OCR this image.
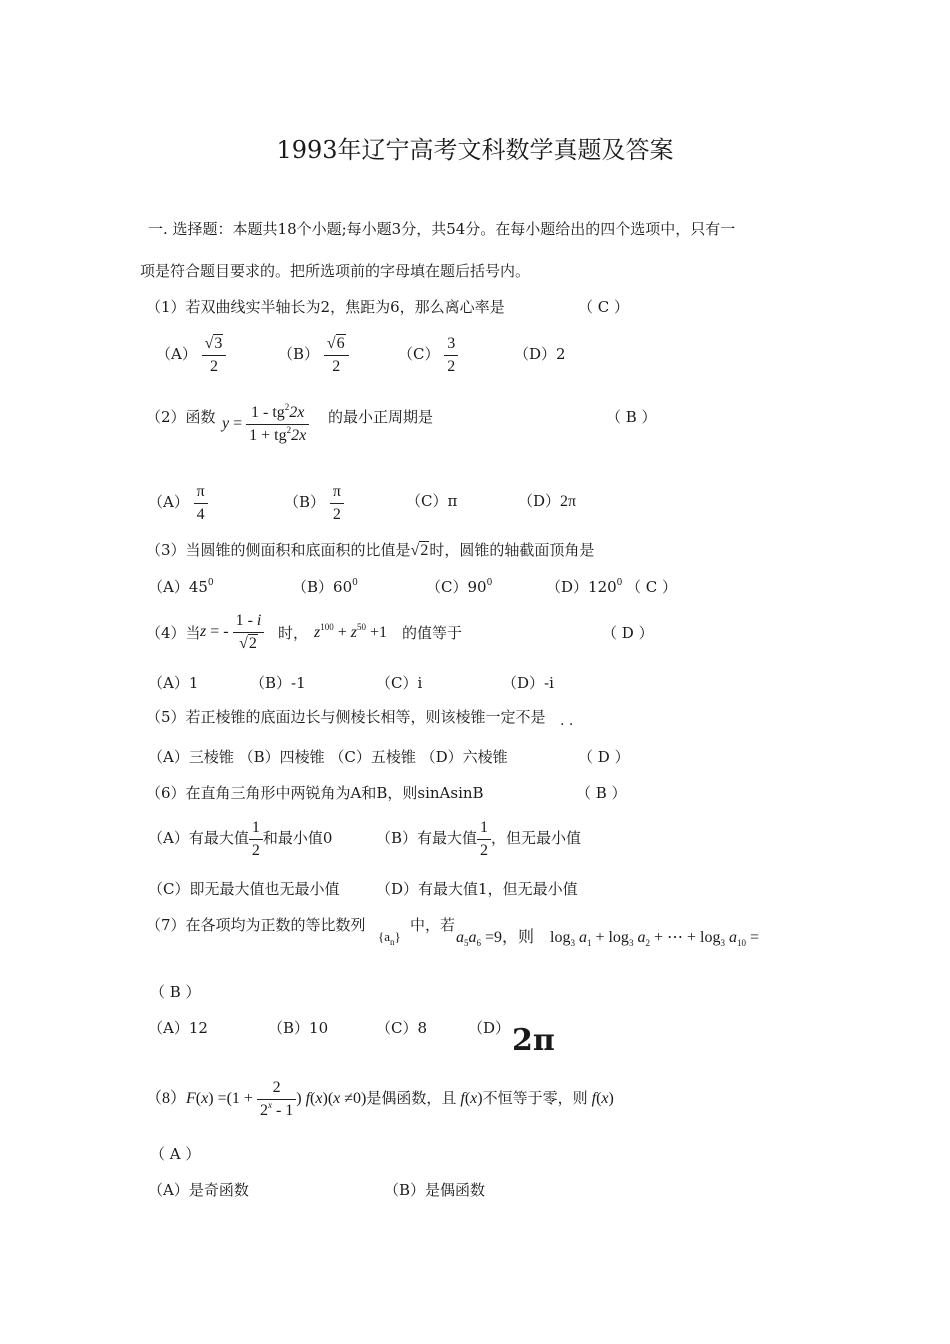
1993年辽宁高考文科数学真题及答案
一. 选择题：本题共18个小题;每小题3分，共54分。在每小题给出的四个选项中，只有一
项是符合题目要求的。把所选项前的字母填在题后括号内。
（1）若双曲线实半轴长为2，焦距为6，那么离心率是	（ C ）
$(A) \frac{√3}{2}$	$(B) \frac{√6}{2}$	$(C) \frac{3}{2}$	（D）2
（2）函数 $y = \frac{1 - tg^22x}{1 + tg^22x}$ 的最小正周期是	（ B ）
$(A) \frac{\pi}{4}$	$(B) \frac{\pi}{2}$	（C）π	（D）2π
（3）当圆锥的侧面积和底面积的比值是√2时，圆锥的轴截面顶角是
$(A)45^0$	$(B)60^0$	$(C)90^0$	$(D)120^0$ （ C ）
（4）当 z = - $\frac{1 - i}{√2}$ 时， $z^{100} + z^{50} +1$ 的值等于	（ D ）
（A）1	（B）-1	（C）i	（D）-i
（5）若正棱锥的底面边长与侧棱长相等，则该棱锥一定不是 · ·
（A）三棱锥 （B）四棱锥 （C）五棱锥 （D）六棱锥	（ D ）
（6）在直角三角形中两锐角为A和B，则sinAsinB	（ B ）
（A）有最大值 $\frac{1}{2}$ 和最小值0	（B）有最大值 $\frac{1}{2}$ ，但无最小值
（C）即无最大值也无最小值 （D）有最大值1，但无最小值
（7）在各项均为正数的等比数列
$\{a_n\}$
中，若
$a_5a_6 =9$，则 $\log_3 a_1 + \log_3 a_2$ + ⋯ + $\log_3 a_{10}$ =
（ B ）
（A）12	（B）10	（C）8	（D） 2π
$(8)F(x) =(1 + \frac{2}{2^x - 1}$ ) f(x)(x ≠0)是偶函数，且 f(x)不恒等于零，则 f(x)
（ A ）
（A）是奇函数	（B）是偶函数
